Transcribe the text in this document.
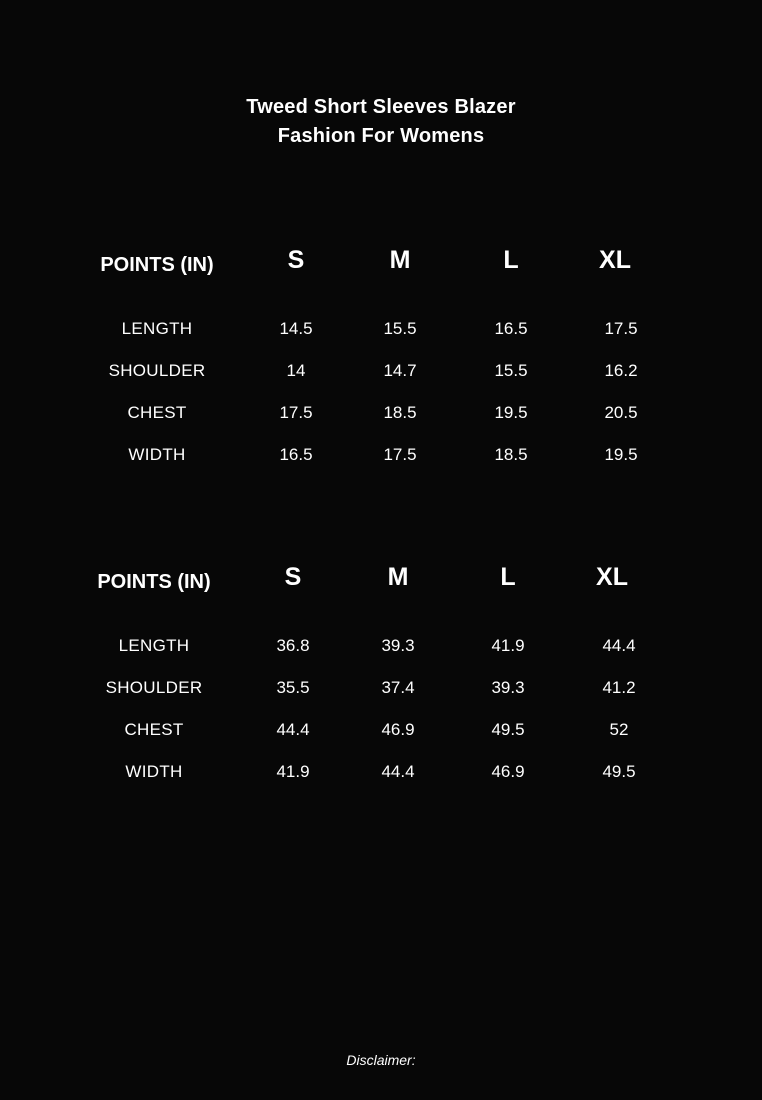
Tweed Short Sleeves Blazer
Fashion For Womens
POINTS (IN)	S	M	L	XL
LENGTH	14.5	15.5	16.5	17.5
SHOULDER	14	14.7	15.5	16.2
CHEST	17.5	18.5	19.5	20.5
WIDTH	16.5	17.5	18.5	19.5
POINTS (IN)	S	M	L	XL
LENGTH	36.8	39.3	41.9	44.4
SHOULDER	35.5	37.4	39.3	41.2
CHEST	44.4	46.9	49.5	52
WIDTH	41.9	44.4	46.9	49.5
Disclaimer:
